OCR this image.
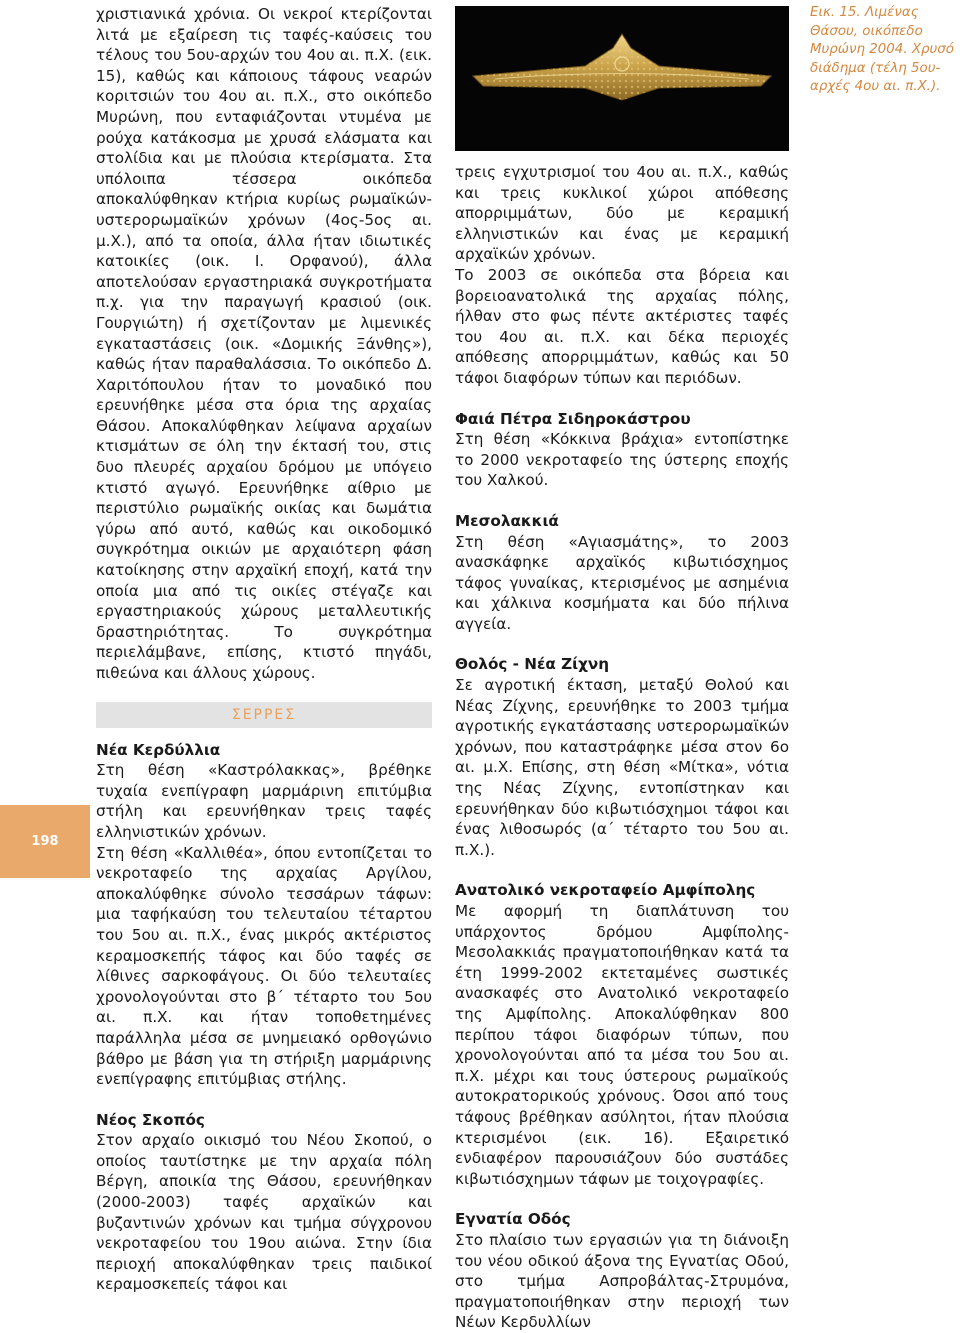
χριστιανικά χρόνια. Οι νεκροί κτερίζονται λιτά με εξαίρεση τις ταφές-καύσεις του τέλους του 5ου-αρχών του 4ου αι. π.Χ. (εικ. 15), καθώς και κάποιους τάφους νεαρών κοριτσιών του 4ου αι. π.Χ., στο οικόπεδο Μυρώνη, που ενταφιάζονται ντυμένα με ρούχα κατάκοσμα με χρυσά ελάσματα και στολίδια και με πλούσια κτερίσματα. Στα υπόλοιπα τέσσερα οικόπεδα αποκαλύφθηκαν κτήρια κυρίως ρωμαϊκών-υστερορωμαϊκών χρόνων (4ος-5ος αι. μ.Χ.), από τα οποία, άλλα ήταν ιδιωτικές κατοικίες (οικ. Ι. Ορφανού), άλλα αποτελούσαν εργαστηριακά συγκροτήματα π.χ. για την παραγωγή κρασιού (οικ. Γουργιώτη) ή σχετίζονταν με λιμενικές εγκαταστάσεις (οικ. «Δομικής Ξάνθης»), καθώς ήταν παραθαλάσσια. Το οικόπεδο Δ. Χαριτόπουλου ήταν το μοναδικό που ερευνήθηκε μέσα στα όρια της αρχαίας Θάσου. Αποκαλύφθηκαν λείψανα αρχαίων κτισμάτων σε όλη την έκτασή του, στις δυο πλευρές αρχαίου δρόμου με υπόγειο κτιστό αγωγό. Ερευνήθηκε αίθριο με περιστύλιο ρωμαϊκής οικίας και δωμάτια γύρω από αυτό, καθώς και οικοδομικό συγκρότημα οικιών με αρχαιότερη φάση κατοίκησης στην αρχαϊκή εποχή, κατά την οποία μια από τις οικίες στέγαζε και εργαστηριακούς χώρους μεταλλευτικής δραστηριότητας. Το συγκρότημα περιελάμβανε, επίσης, κτιστό πηγάδι, πιθεώνα και άλλους χώρους.

ΣΕΡΡΕΣ

Νέα Κερδύλλια

Στη θέση «Καστρόλακκας», βρέθηκε τυχαία ενεπίγραφη μαρμάρινη επιτύμβια στήλη και ερευνήθηκαν τρεις ταφές ελληνιστικών χρόνων.

Στη θέση «Καλλιθέα», όπου εντοπίζεται το νεκροταφείο της αρχαίας Αργίλου, αποκαλύφθηκε σύνολο τεσσάρων τάφων: μια ταφήκαύση του τελευταίου τέταρτου του 5ου αι. π.Χ., ένας μικρός ακτέριστος κεραμοσκεπής τάφος και δύο ταφές σε λίθινες σαρκοφάγους. Οι δύο τελευταίες χρονολογούνται στο β΄ τέταρτο του 5ου αι. π.Χ. και ήταν τοποθετημένες παράλληλα μέσα σε μνημειακό ορθογώνιο βάθρο με βάση για τη στήριξη μαρμάρινης ενεπίγραφης επιτύμβιας στήλης.

Νέος Σκοπός

Στον αρχαίο οικισμό του Νέου Σκοπού, ο οποίος ταυτίστηκε με την αρχαία πόλη Βέργη, αποικία της Θάσου, ερευνήθηκαν (2000-2003) ταφές αρχαϊκών και βυζαντινών χρόνων και τμήμα σύγχρονου νεκροταφείου του 19ου αιώνα. Στην ίδια περιοχή αποκαλύφθηκαν τρεις παιδικοί κεραμοσκεπείς τάφοι και

Εικ. 15. Λιμένας Θάσου, οικόπεδο Μυρώνη 2004. Χρυσό διάδημα (τέλη 5ου-αρχές 4ου αι. π.Χ.).

τρεις εγχυτρισμοί του 4ου αι. π.Χ., καθώς και τρεις κυκλικοί χώροι απόθεσης απορριμμάτων, δύο με κεραμική ελληνιστικών και ένας με κεραμική αρχαϊκών χρόνων.

Το 2003 σε οικόπεδα στα βόρεια και βορειοανατολικά της αρχαίας πόλης, ήλθαν στο φως πέντε ακτέριστες ταφές του 4ου αι. π.Χ. και δέκα περιοχές απόθεσης απορριμμάτων, καθώς και 50 τάφοι διαφόρων τύπων και περιόδων.

Φαιά Πέτρα Σιδηροκάστρου

Στη θέση «Κόκκινα βράχια» εντοπίστηκε το 2000 νεκροταφείο της ύστερης εποχής του Χαλκού.

Μεσολακκιά

Στη θέση «Αγιασμάτης», το 2003 ανασκάφηκε αρχαϊκός κιβωτιόσχημος τάφος γυναίκας, κτερισμένος με ασημένια και χάλκινα κοσμήματα και δύο πήλινα αγγεία.

Θολός - Νέα Ζίχνη

Σε αγροτική έκταση, μεταξύ Θολού και Νέας Ζίχνης, ερευνήθηκε το 2003 τμήμα αγροτικής εγκατάστασης υστερορωμαϊκών χρόνων, που καταστράφηκε μέσα στον 6ο αι. μ.Χ. Επίσης, στη θέση «Μίτκα», νότια της Νέας Ζίχνης, εντοπίστηκαν και ερευνήθηκαν δύο κιβωτιόσχημοι τάφοι και ένας λιθοσωρός (α΄ τέταρτο του 5ου αι. π.Χ.).

Ανατολικό νεκροταφείο Αμφίπολης

Με αφορμή τη διαπλάτυνση του υπάρχοντος δρόμου Αμφίπολης-Μεσολακκιάς πραγματοποιήθηκαν κατά τα έτη 1999-2002 εκτεταμένες σωστικές ανασκαφές στο Ανατολικό νεκροταφείο της Αμφίπολης. Αποκαλύφθηκαν 800 περίπου τάφοι διαφόρων τύπων, που χρονολογούνται από τα μέσα του 5ου αι. π.Χ. μέχρι και τους ύστερους ρωμαϊκούς αυτοκρατορικούς χρόνους. Όσοι από τους τάφους βρέθηκαν ασύλητοι, ήταν πλούσια κτερισμένοι (εικ. 16). Εξαιρετικό ενδιαφέρον παρουσιάζουν δύο συστάδες κιβωτιόσχημων τάφων με τοιχογραφίες.

Εγνατία Οδός

Στο πλαίσιο των εργασιών για τη διάνοιξη του νέου οδικού άξονα της Εγνατίας Οδού, στο τμήμα Ασπροβάλτας-Στρυμόνα, πραγματοποιήθηκαν στην περιοχή των Νέων Κερδυλλίων

198
